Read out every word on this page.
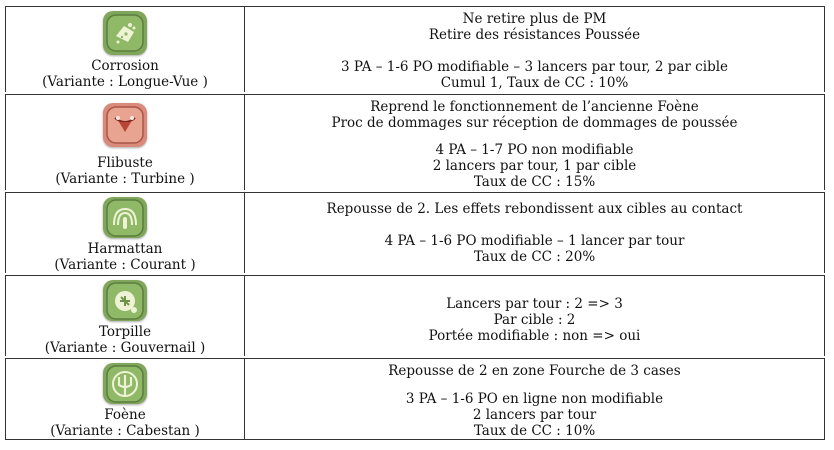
Corrosion
(Variante : Longue-Vue )
Ne retire plus de PM
Retire des résistances Poussée
3 PA – 1-6 PO modifiable – 3 lancers par tour, 2 par cible
Cumul 1, Taux de CC : 10%
Flibuste
(Variante : Turbine )
Reprend le fonctionnement de l’ancienne Foène
Proc de dommages sur réception de dommages de poussée
4 PA – 1-7 PO non modifiable
2 lancers par tour, 1 par cible
Taux de CC : 15%
Harmattan
(Variante : Courant )
Repousse de 2. Les effets rebondissent aux cibles au contact
4 PA – 1-6 PO modifiable – 1 lancer par tour
Taux de CC : 20%
Torpille
(Variante : Gouvernail )
Lancers par tour : 2 => 3
Par cible : 2
Portée modifiable : non => oui
Foène
(Variante : Cabestan )
Repousse de 2 en zone Fourche de 3 cases
3 PA – 1-6 PO en ligne non modifiable
2 lancers par tour
Taux de CC : 10%
